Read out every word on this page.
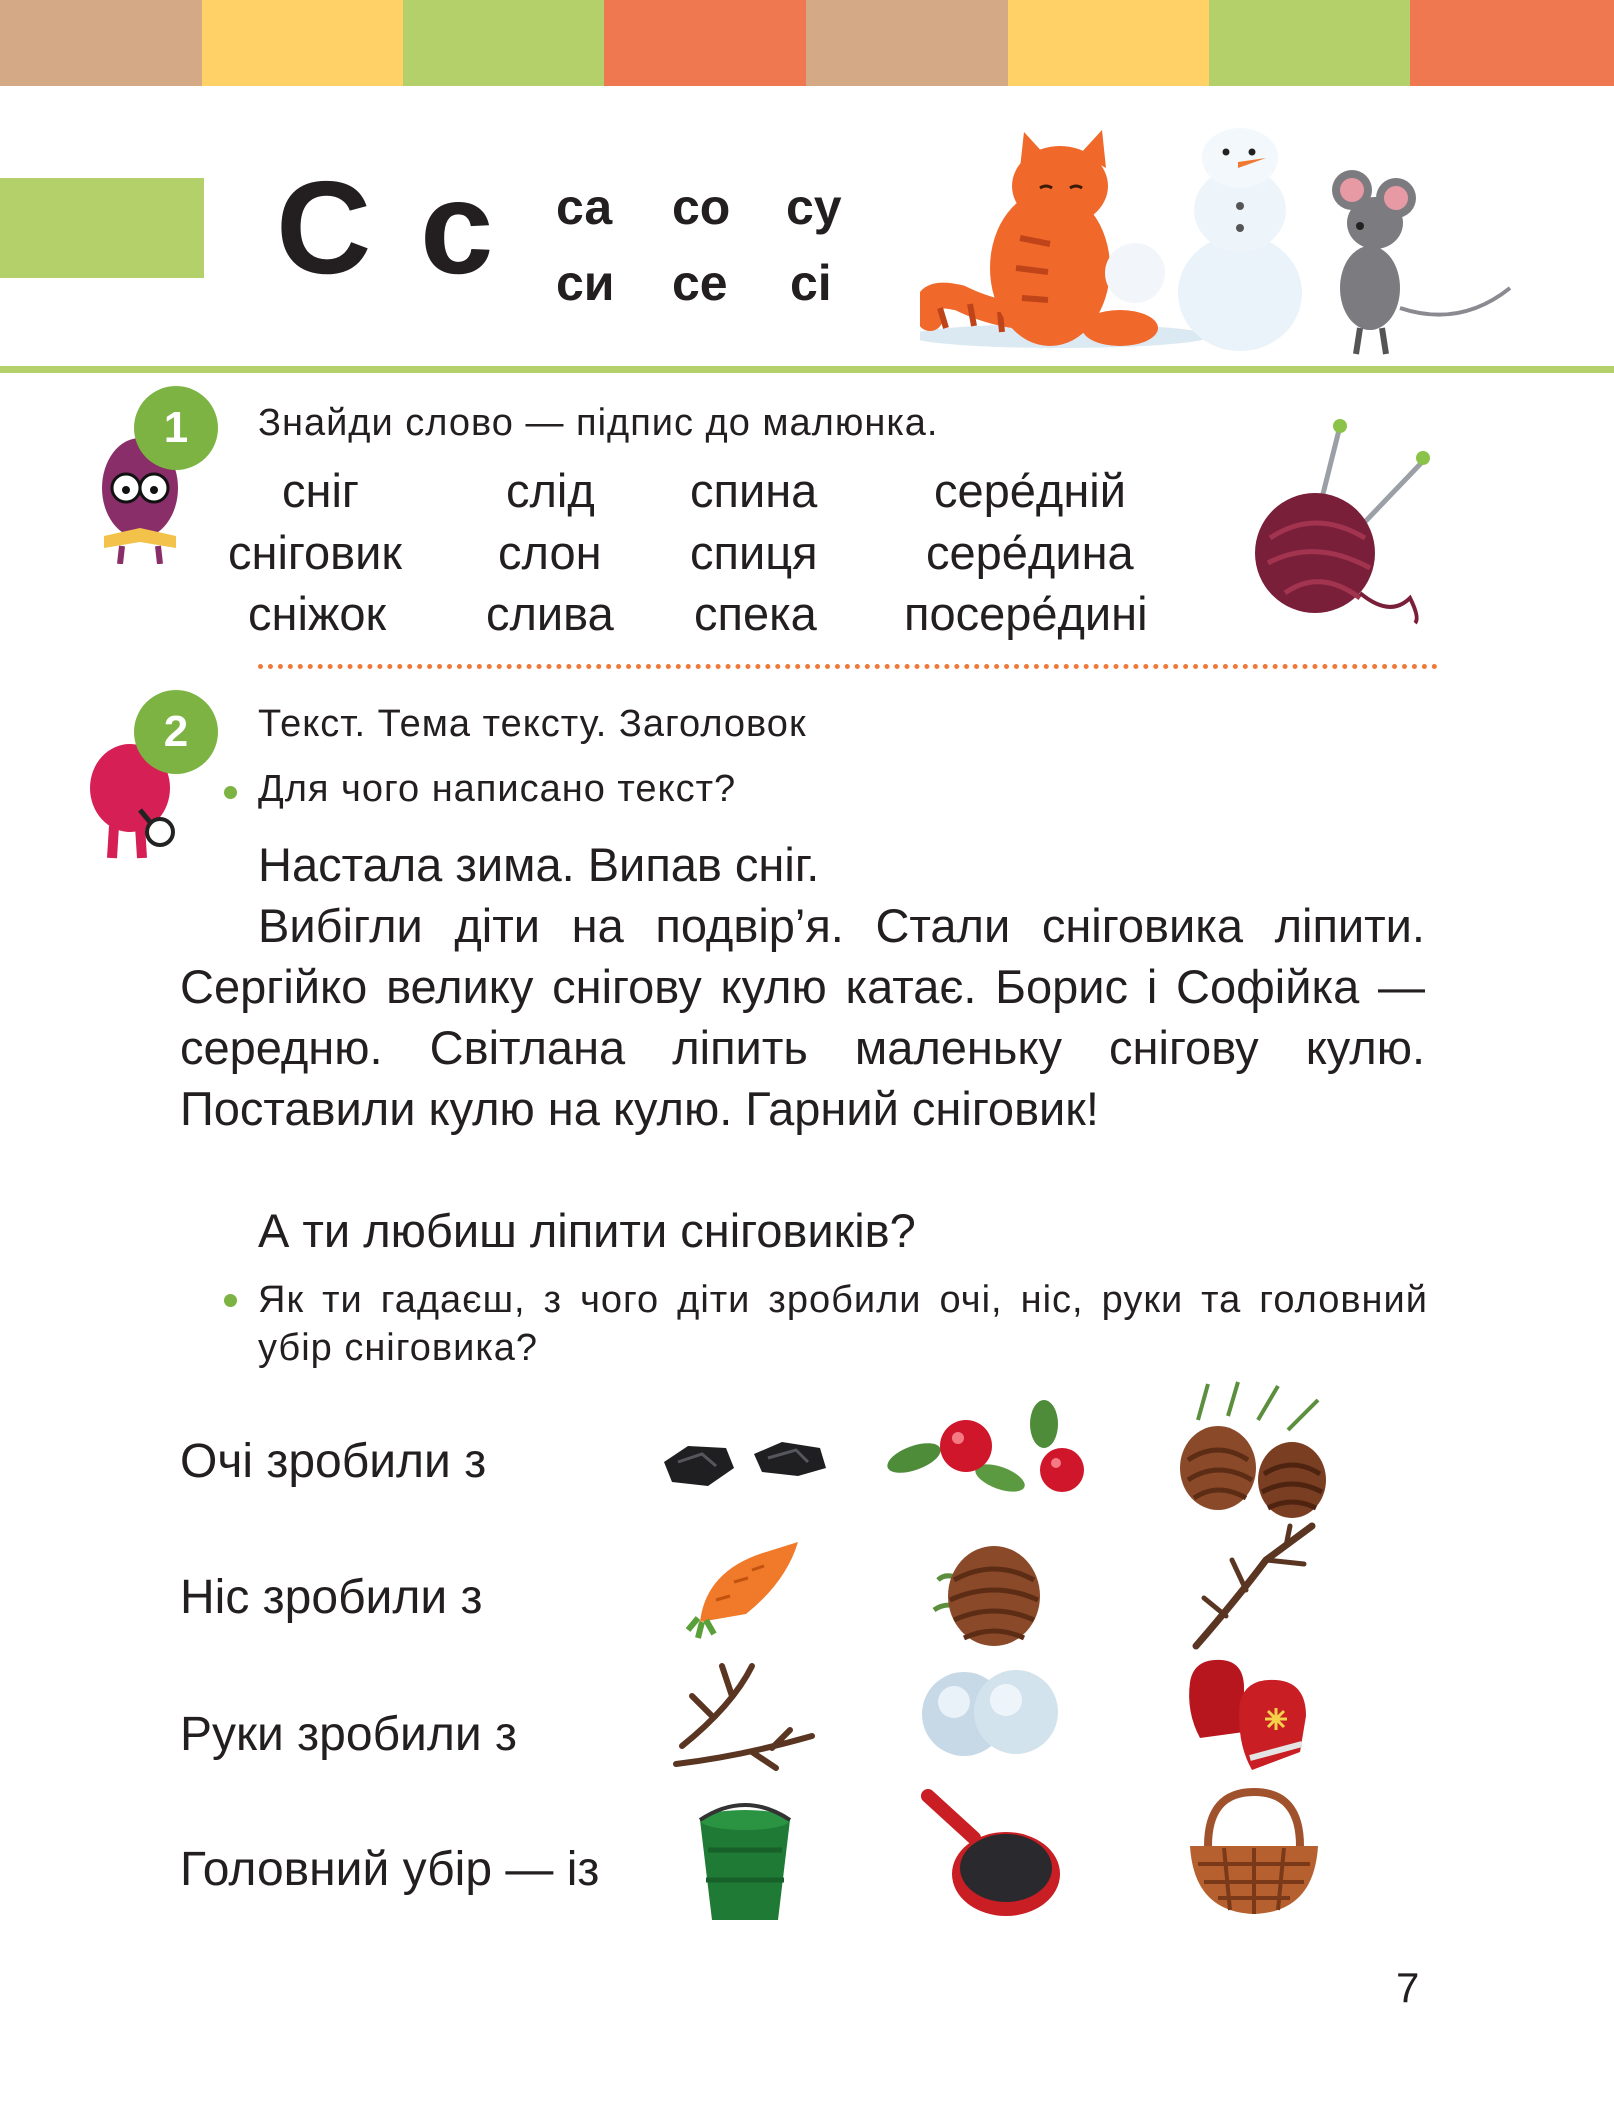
С с са со су
си се сі
1	Знайди слово — підпис до малюнка.
сніг
сніговик
сніжок
слід
слон
слива
спина
спиця
спека
сере́дній
сере́дина
посере́дині
2	Текст. Тема тексту. Заголовок
Для чого написано текст?
Настала зима. Випав сніг.
Вибігли діти на подвір’я. Стали сніговика ліпити. Сергійко велику снігову кулю катає. Борис і Софійка — середню. Світлана ліпить маленьку снігову кулю. Поставили кулю на кулю. Гарний сніговик!
А ти любиш ліпити сніговиків?
Як ти гадаєш, з чого діти зробили очі, ніс, руки та головний убір сніговика?
Очі зробили з
Ніс зробили з
Руки зробили з
Головний убір — із
7
